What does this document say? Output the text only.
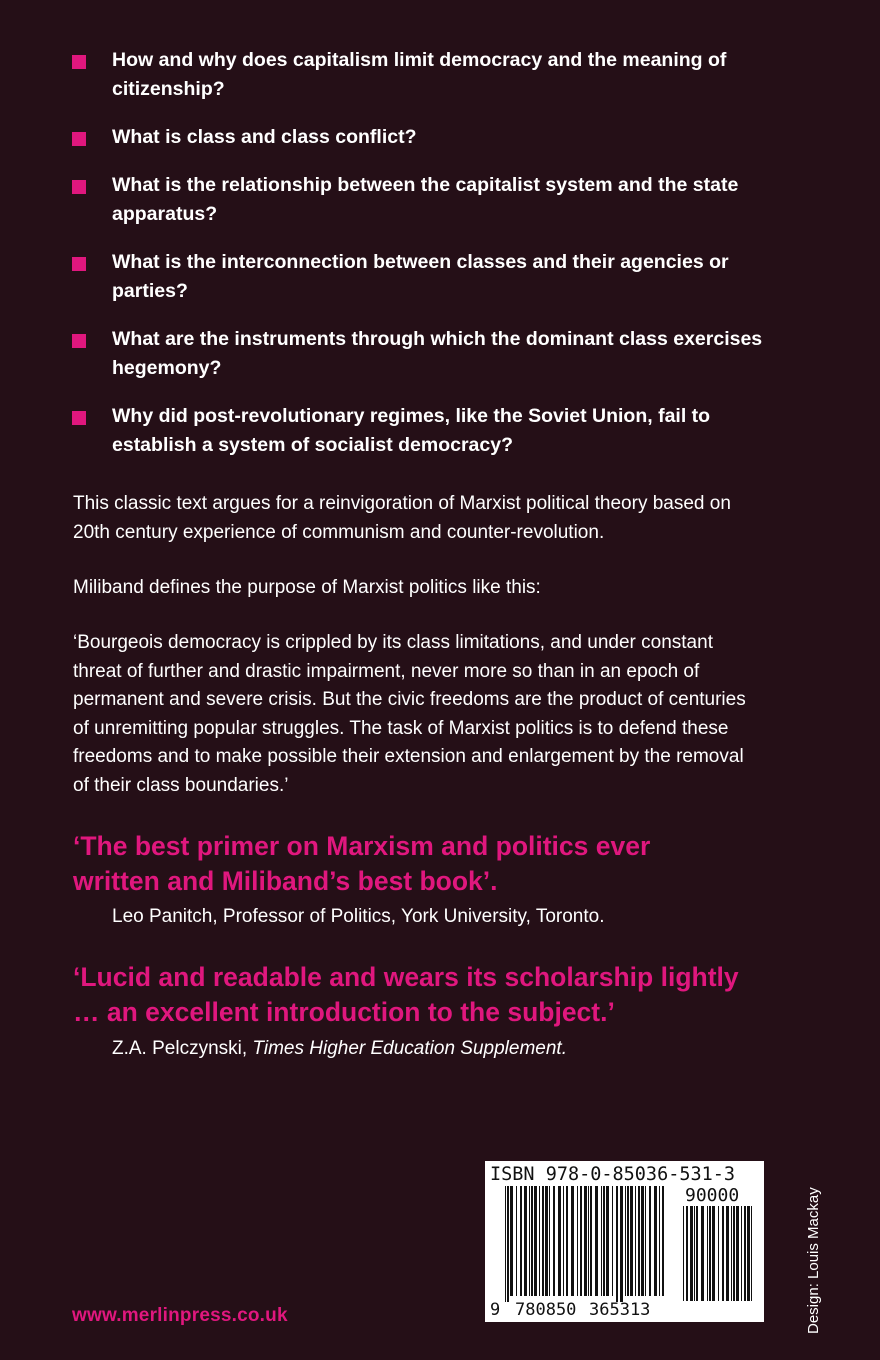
How and why does capitalism limit democracy and the meaning of citizenship?
What is class and class conflict?
What is the relationship between the capitalist system and the state apparatus?
What is the interconnection between classes and their agencies or parties?
What are the instruments through which the dominant class exercises hegemony?
Why did post-revolutionary regimes, like the Soviet Union, fail to establish a system of socialist democracy?

This classic text argues for a reinvigoration of Marxist political theory based on 20th century experience of communism and counter-revolution.

Miliband defines the purpose of Marxist politics like this:

‘Bourgeois democracy is crippled by its class limitations, and under constant threat of further and drastic impairment, never more so than in an epoch of permanent and severe crisis. But the civic freedoms are the product of centuries of unremitting popular struggles. The task of Marxist politics is to defend these freedoms and to make possible their extension and enlargement by the removal of their class boundaries.’

‘The best primer on Marxism and politics ever written and Miliband’s best book’.

Leo Panitch, Professor of Politics, York University, Toronto.

‘Lucid and readable and wears its scholarship lightly … an excellent introduction to the subject.’

Z.A. Pelczynski, Times Higher Education Supplement.

ISBN 978-0-85036-531-3
90000
9 780850 365313
www.merlinpress.co.uk	Design: Louis Mackay
